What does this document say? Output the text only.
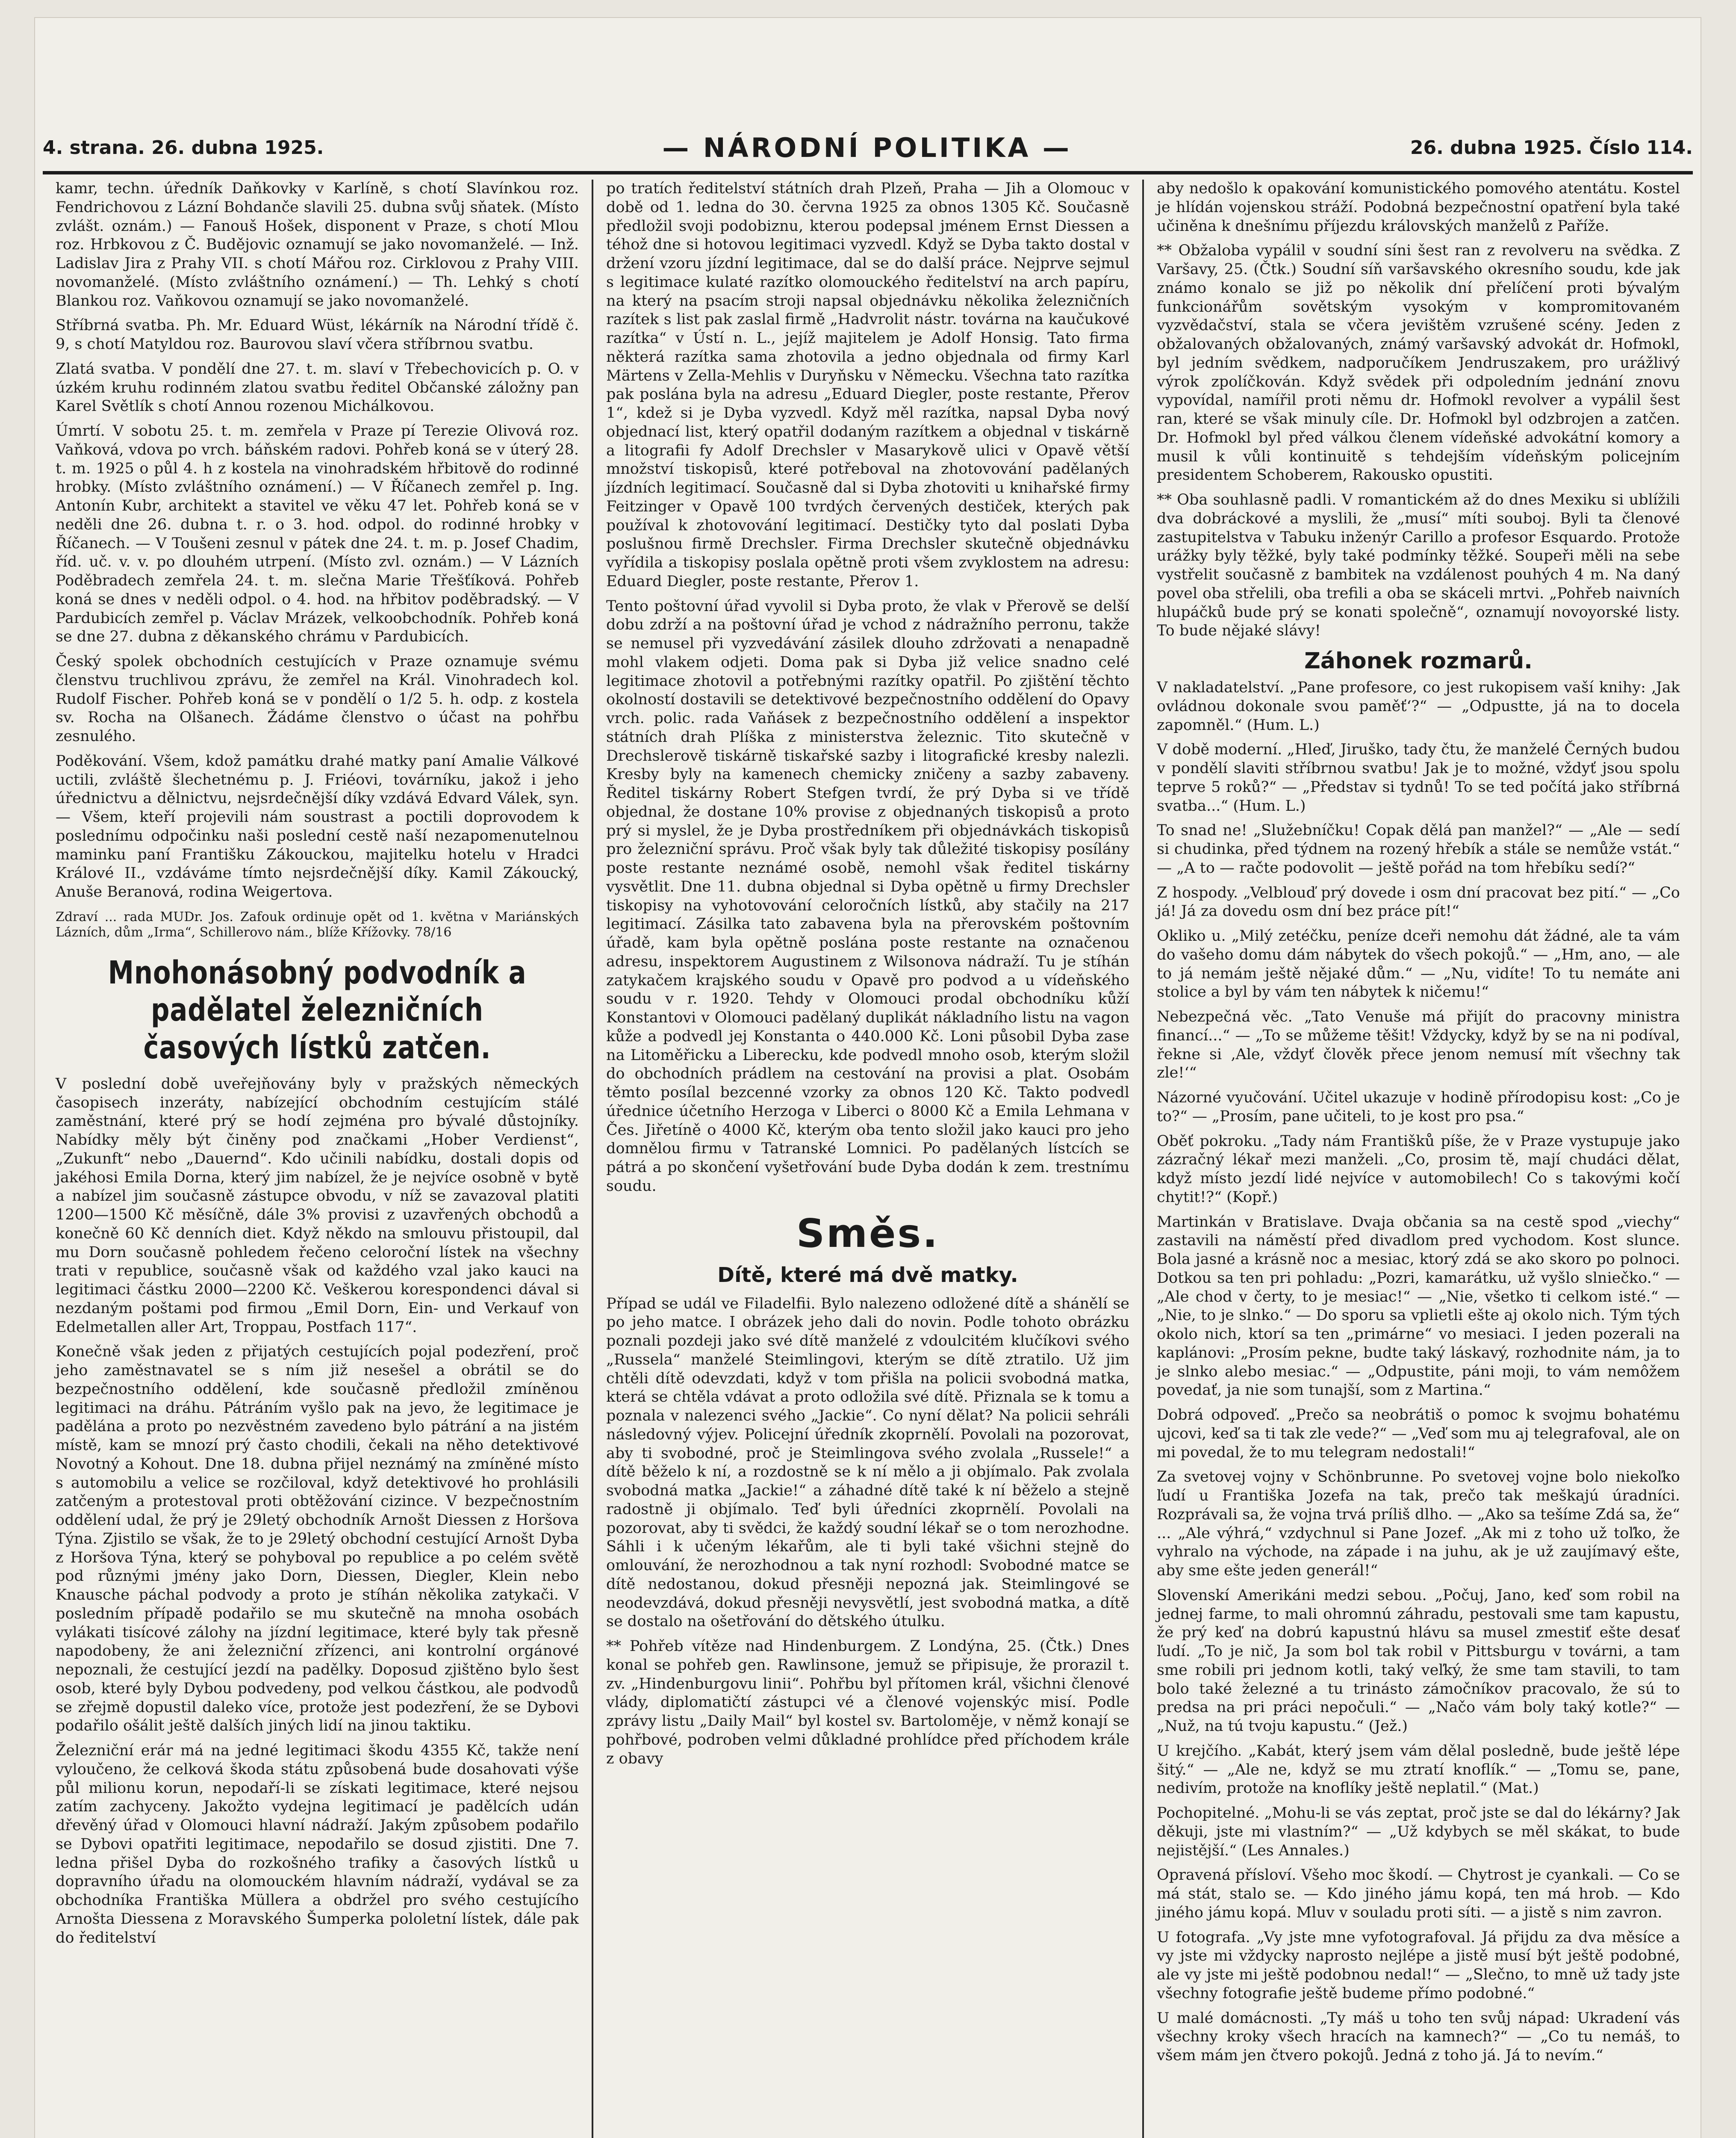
4. strana. 26. dubna 1925.	— NÁRODNÍ POLITIKA —	26. dubna 1925. Číslo 114.

kamr, techn. úředník Daňkovky v Karlíně, s chotí Slavínkou roz. Fendrichovou z Lázní Bohdanče slavili 25. dubna svůj sňatek. (Místo zvlášt. oznám.) — Fanouš Hošek, disponent v Praze, s chotí Mlou roz. Hrbkovou z Č. Budějovic oznamují se jako novomanželé. — Inž. Ladislav Jira z Prahy VII. s chotí Mářou roz. Cirklovou z Prahy VIII. novomanželé. (Místo zvláštního oznámení.) — Th. Lehký s chotí Blankou roz. Vaňkovou oznamují se jako novomanželé.

Stříbrná svatba. Ph. Mr. Eduard Wüst, lékárník na Národní třídě č. 9, s chotí Matyldou roz. Baurovou slaví včera stříbrnou svatbu.

Zlatá svatba. V pondělí dne 27. t. m. slaví v Třebechovicích p. O. v úzkém kruhu rodinném zlatou svatbu ředitel Občanské záložny pan Karel Světlík s chotí Annou rozenou Michálkovou.

Úmrtí. V sobotu 25. t. m. zemřela v Praze pí Terezie Olivová roz. Vaňková, vdova po vrch. báňském radovi. Pohřeb koná se v úterý 28. t. m. 1925 o půl 4. h z kostela na vinohradském hřbitově do rodinné hrobky. (Místo zvláštního oznámení.) — V Říčanech zemřel p. Ing. Antonín Kubr, architekt a stavitel ve věku 47 let. Pohřeb koná se v neděli dne 26. dubna t. r. o 3. hod. odpol. do rodinné hrobky v Říčanech. — V Toušeni zesnul v pátek dne 24. t. m. p. Josef Chadim, říd. uč. v. v. po dlouhém utrpení. (Místo zvl. oznám.) — V Lázních Poděbradech zemřela 24. t. m. slečna Marie Třešťíková. Pohřeb koná se dnes v neděli odpol. o 4. hod. na hřbitov poděbradský. — V Pardubicích zemřel p. Václav Mrázek, velkoobchodník. Pohřeb koná se dne 27. dubna z děkanského chrámu v Pardubicích.

Český spolek obchodních cestujících v Praze oznamuje svému členstvu truchlivou zprávu, že zemřel na Král. Vinohradech kol. Rudolf Fischer. Pohřeb koná se v pondělí o 1/2 5. h. odp. z kostela sv. Rocha na Olšanech. Žádáme členstvo o účast na pohřbu zesnulého.

Poděkování. Všem, kdož památku drahé matky paní Amalie Válkové uctili, zvláště šlechetnému p. J. Friéovi, továrníku, jakož i jeho úřednictvu a dělnictvu, nejsrdečnější díky vzdává Edvard Válek, syn. — Všem, kteří projevili nám soustrast a poctili doprovodem k poslednímu odpočinku naši poslední cestě naší nezapomenutelnou maminku paní Františku Zákouckou, majitelku hotelu v Hradci Králové II., vzdáváme tímto nejsrdečnější díky. Kamil Zákoucký, Anuše Beranová, rodina Weigertova.

Zdraví ... rada MUDr. Jos. Zafouk ordinuje opět od 1. května v Mariánských Lázních, dům „Irma“, Schillerovo nám., blíže Křížovky. 78/16
Mnohonásobný podvodník a padělatel železničních časových lístků zatčen.

V poslední době uveřejňovány byly v pražských německých časopisech inzeráty, nabízející obchodním cestujícím stálé zaměstnání, které prý se hodí zejména pro bývalé důstojníky. Nabídky měly být činěny pod značkami „Hober Verdienst“, „Zukunft“ nebo „Dauernd“. Kdo učinili nabídku, dostali dopis od jakéhosi Emila Dorna, který jim nabízel, že je nejvíce osobně v bytě a nabízel jim současně zástupce obvodu, v níž se zavazoval platiti 1200—1500 Kč měsíčně, dále 3% provisi z uzavřených obchodů a konečně 60 Kč denních diet. Když někdo na smlouvu přistoupil, dal mu Dorn současně pohledem řečeno celoroční lístek na všechny trati v republice, současně však od každého vzal jako kauci na legitimaci částku 2000—2200 Kč. Veškerou korespondenci dával si nezdaným poštami pod firmou „Emil Dorn, Ein- und Verkauf von Edelmetallen aller Art, Troppau, Postfach 117“.

Konečně však jeden z přijatých cestujících pojal podezření, proč jeho zaměstnavatel se s ním již nesešel a obrátil se do bezpečnostního oddělení, kde současně předložil zmíněnou legitimaci na dráhu. Pátráním vyšlo pak na jevo, že legitimace je padělána a proto po nezvěstném zavedeno bylo pátrání a na jistém místě, kam se mnozí prý často chodili, čekali na něho detektivové Novotný a Kohout. Dne 18. dubna přijel neznámý na zmíněné místo s automobilu a velice se rozčiloval, když detektivové ho prohlásili zatčeným a protestoval proti obtěžování cizince. V bezpečnostním oddělení udal, že prý je 29letý obchodník Arnošt Diessen z Horšova Týna. Zjistilo se však, že to je 29letý obchodní cestující Arnošt Dyba z Horšova Týna, který se pohyboval po republice a po celém světě pod různými jmény jako Dorn, Diessen, Diegler, Klein nebo Knausche páchal podvody a proto je stíhán několika zatykači. V posledním případě podařilo se mu skutečně na mnoha osobách vylákati tisícové zálohy na jízdní legitimace, které byly tak přesně napodobeny, že ani železniční zřízenci, ani kontrolní orgánové nepoznali, že cestující jezdí na padělky. Doposud zjištěno bylo šest osob, které byly Dybou podvedeny, pod velkou částkou, ale podvodů se zřejmě dopustil daleko více, protože jest podezření, že se Dybovi podařilo ošálit ještě dalších jiných lidí na jinou taktiku.

Železniční erár má na jedné legitimaci škodu 4355 Kč, takže není vyloučeno, že celková škoda státu způsobená bude dosahovati výše půl milionu korun, nepodaří-li se získati legitimace, které nejsou zatím zachyceny. Jakožto vydejna legitimací je padělcích udán dřevěný úřad v Olomouci hlavní nádraží. Jakým způsobem podařilo se Dybovi opatřiti legitimace, nepodařilo se dosud zjistiti. Dne 7. ledna přišel Dyba do rozkošného trafiky a časových lístků u dopravního úřadu na olomouckém hlavním nádraží, vydával se za obchodníka Františka Müllera a obdržel pro svého cestujícího Arnošta Diessena z Moravského Šumperka pololetní lístek, dále pak do ředitelství

po tratích ředitelství státních drah Plzeň, Praha — Jih a Olomouc v době od 1. ledna do 30. června 1925 za obnos 1305 Kč. Současně předložil svoji podobiznu, kterou podepsal jménem Ernst Diessen a téhož dne si hotovou legitimaci vyzvedl. Když se Dyba takto dostal v držení vzoru jízdní legitimace, dal se do další práce. Nejprve sejmul s legitimace kulaté razítko olomouckého ředitelství na arch papíru, na který na psacím stroji napsal objednávku několika železničních razítek s list pak zaslal firmě „Hadvrolit nástr. továrna na kaučukové razítka“ v Ústí n. L., jejíž majitelem je Adolf Honsig. Tato firma některá razítka sama zhotovila a jedno objednala od firmy Karl Märtens v Zella-Mehlis v Duryňsku v Německu. Všechna tato razítka pak poslána byla na adresu „Eduard Diegler, poste restante, Přerov 1“, kdež si je Dyba vyzvedl. Když měl razítka, napsal Dyba nový objednací list, který opatřil dodaným razítkem a objednal v tiskárně a litografii fy Adolf Drechsler v Masarykově ulici v Opavě větší množství tiskopisů, které potřeboval na zhotovování padělaných jízdních legitimací. Současně dal si Dyba zhotoviti u knihařské firmy Feitzinger v Opavě 100 tvrdých červených destiček, kterých pak používal k zhotovování legitimací. Destičky tyto dal poslati Dyba poslušnou firmě Drechsler. Firma Drechsler skutečně objednávku vyřídila a tiskopisy poslala opětně proti všem zvyklostem na adresu: Eduard Diegler, poste restante, Přerov 1.

Tento poštovní úřad vyvolil si Dyba proto, že vlak v Přerově se delší dobu zdrží a na poštovní úřad je vchod z nádražního perronu, takže se nemusel při vyzvedávání zásilek dlouho zdržovati a nenapadně mohl vlakem odjeti. Doma pak si Dyba již velice snadno celé legitimace zhotovil a potřebnými razítky opatřil. Po zjištění těchto okolností dostavili se detektivové bezpečnostního oddělení do Opavy vrch. polic. rada Vaňásek z bezpečnostního oddělení a inspektor státních drah Plíška z ministerstva železnic. Tito skutečně v Drechslerově tiskárně tiskařské sazby i litografické kresby nalezli. Kresby byly na kamenech chemicky zničeny a sazby zabaveny. Ředitel tiskárny Robert Stefgen tvrdí, že prý Dyba si ve třídě objednal, že dostane 10% provise z objednaných tiskopisů a proto prý si myslel, že je Dyba prostředníkem při objednávkách tiskopisů pro železniční správu. Proč však byly tak důležité tiskopisy posílány poste restante neznámé osobě, nemohl však ředitel tiskárny vysvětlit. Dne 11. dubna objednal si Dyba opětně u firmy Drechsler tiskopisy na vyhotovování celoročních lístků, aby stačily na 217 legitimací. Zásilka tato zabavena byla na přerovském poštovním úřadě, kam byla opětně poslána poste restante na označenou adresu, inspektorem Augustinem z Wilsonova nádraží. Tu je stíhán zatykačem krajského soudu v Opavě pro podvod a u vídeňského soudu v r. 1920. Tehdy v Olomouci prodal obchodníku kůží Konstantovi v Olomouci padělaný duplikát nákladního listu na vagon kůže a podvedl jej Konstanta o 440.000 Kč. Loni působil Dyba zase na Litoměřicku a Liberecku, kde podvedl mnoho osob, kterým složil do obchodních prádlem na cestování na provisi a plat. Osobám těmto posílal bezcenné vzorky za obnos 120 Kč. Takto podvedl úřednice účetního Herzoga v Liberci o 8000 Kč a Emila Lehmana v Čes. Jiřetíně o 4000 Kč, kterým oba tento složil jako kauci pro jeho domnělou firmu v Tatranské Lomnici. Po padělaných lístcích se pátrá a po skončení vyšetřování bude Dyba dodán k zem. trestnímu soudu.

Směs.
Dítě, které má dvě matky.

Případ se udál ve Filadelfii. Bylo nalezeno odložené dítě a shánělí se po jeho matce. I obrázek jeho dali do novin. Podle tohoto obrázku poznali pozdeji jako své dítě manželé z vdoulcitém klučíkovi svého „Russela“ manželé Steimlingovi, kterým se dítě ztratilo. Už jim chtěli dítě odevzdati, když v tom přišla na policii svobodná matka, která se chtěla vdávat a proto odložila své dítě. Přiznala se k tomu a poznala v nalezenci svého „Jackie“. Co nyní dělat? Na policii sehráli následovný výjev. Policejní úředník zkoprnělí. Povolali na pozorovat, aby ti svobodné, proč je Steimlingova svého zvolala „Russele!“ a dítě běželo k ní, a rozdostně se k ní mělo a ji objímalo. Pak zvolala svobodná matka „Jackie!“ a záhadné dítě také k ní běželo a stejně radostně ji objímalo. Teď byli úředníci zkoprnělí. Povolali na pozorovat, aby ti svědci, že každý soudní lékař se o tom nerozhodne. Sáhli i k učeným lékařům, ale ti byli také všichni stejně do omlouvání, že nerozhodnou a tak nyní rozhodl: Svobodné matce se dítě nedostanou, dokud přesněji nepozná jak. Steimlingové se neodevzdává, dokud přesněji nevysvětlí, jest svobodná matka, a dítě se dostalo na ošetřování do dětského útulku.

** Pohřeb vítěze nad Hindenburgem. Z Londýna, 25. (Čtk.) Dnes konal se pohřeb gen. Rawlinsone, jemuž se připisuje, že prorazil t. zv. „Hindenburgovu linii“. Pohřbu byl přítomen král, všichni členové vlády, diplomatičtí zástupci vé a členové vojenskýc misí. Podle zprávy listu „Daily Mail“ byl kostel sv. Bartoloměje, v němž konají se pohřbové, podroben velmi důkladné prohlídce před příchodem krále z obavy

aby nedošlo k opakování komunistického pomového atentátu. Kostel je hlídán vojenskou stráží. Podobná bezpečnostní opatření byla také učiněna k dnešnímu příjezdu královských manželů z Paříže.

** Obžaloba vypálil v soudní síni šest ran z revolveru na svědka. Z Varšavy, 25. (Čtk.) Soudní síň varšavského okresního soudu, kde jak známo konalo se již po několik dní přelíčení proti bývalým funkcionářům sovětským vysokým v kompromitovaném vyzvědačství, stala se včera jevištěm vzrušené scény. Jeden z obžalovaných obžalovaných, známý varšavský advokát dr. Hofmokl, byl jedním svědkem, nadporučíkem Jendruszakem, pro urážlivý výrok zpolíčkován. Když svědek při odpoledním jednání znovu vypovídal, namířil proti němu dr. Hofmokl revolver a vypálil šest ran, které se však minuly cíle. Dr. Hofmokl byl odzbrojen a zatčen. Dr. Hofmokl byl před válkou členem vídeňské advokátní komory a musil k vůli kontinuitě s tehdejším vídeňským policejním presidentem Schoberem, Rakousko opustiti.

** Oba souhlasně padli. V romantickém až do dnes Mexiku si ublížili dva dobráckové a myslili, že „musí“ míti souboj. Byli ta členové zastupitelstva v Tabuku inženýr Carillo a profesor Esquardo. Protože urážky byly těžké, byly také podmínky těžké. Soupeři měli na sebe vystřelit současně z bambitek na vzdálenost pouhých 4 m. Na daný povel oba střelili, oba trefili a oba se skáceli mrtvi. „Pohřeb naivních hlupáčků bude prý se konati společně“, oznamují novoyorské listy. To bude nějaké slávy!

Záhonek rozmarů.

V nakladatelství. „Pane profesore, co jest rukopisem vaší knihy: ‚Jak ovládnou dokonale svou paměť‘?“ — „Odpustte, já na to docela zapomněl.“ (Hum. L.)

V době moderní. „Hleď, Jiruško, tady čtu, že manželé Černých budou v pondělí slaviti stříbrnou svatbu! Jak je to možné, vždyť jsou spolu teprve 5 roků?“ — „Představ si tydnů! To se ted počítá jako stříbrná svatba...“ (Hum. L.)

To snad ne! „Služebníčku! Copak dělá pan manžel?“ — „Ale — sedí si chudinka, před týdnem na rozený hřebík a stále se nemůže vstát.“ — „A to — račte podovolit — ještě pořád na tom hřebíku sedí?“

Z hospody. „Velblouď prý dovede i osm dní pracovat bez pití.“ — „Co já! Já za dovedu osm dní bez práce pít!“

Okliko u. „Milý zetéčku, peníze dceři nemohu dát žádné, ale ta vám do vašeho domu dám nábytek do všech pokojů.“ — „Hm, ano, — ale to já nemám ještě nějaké dům.“ — „Nu, vidíte! To tu nemáte ani stolice a byl by vám ten nábytek k ničemu!“

Nebezpečná věc. „Tato Venuše má přijít do pracovny ministra financí...“ — „To se můžeme těšit! Vždycky, když by se na ni podíval, řekne si ‚Ale, vždyť člověk přece jenom nemusí mít všechny tak zle!‘“

Názorné vyučování. Učitel ukazuje v hodině přírodopisu kost: „Co je to?“ — „Prosím, pane učiteli, to je kost pro psa.“

Oběť pokroku. „Tady nám Františků píše, že v Praze vystupuje jako zázračný lékař mezi manželi. „Co, prosim tě, mají chudáci dělat, když místo jezdí lidé nejvíce v automobilech! Co s takovými kočí chytit!?“ (Kopř.)

Martinkán v Bratislave. Dvaja občania sa na cestě spod „viechy“ zastavili na náměstí před divadlom pred vychodom. Kost slunce. Bola jasné a krásně noc a mesiac, ktorý zdá se ako skoro po polnoci. Dotkou sa ten pri pohladu: „Pozri, kamarátku, už vyšlo slniečko.“ — „Ale chod v čerty, to je mesiac!“ — „Nie, všetko ti celkom isté.“ — „Nie, to je slnko.“ — Do sporu sa vplietli ešte aj okolo nich. Tým tých okolo nich, ktorí sa ten „primárne“ vo mesiaci. I jeden pozerali na kaplánovi: „Prosím pekne, budte taký láskavý, rozhodnite nám, ja to je slnko alebo mesiac.“ — „Odpustite, páni moji, to vám nemôžem povedať, ja nie som tunajší, som z Martina.“

Dobrá odpoveď. „Prečo sa neobrátiš o pomoc k svojmu bohatému ujcovi, keď sa ti tak zle vede?“ — „Veď som mu aj telegrafoval, ale on mi povedal, že to mu telegram nedostali!“

Za svetovej vojny v Schönbrunne. Po svetovej vojne bolo niekoľko ľudí u Františka Jozefa na tak, prečo tak meškajú úradníci. Rozprávali sa, že vojna trvá príliš dlho. — „Ako sa tešíme Zdá sa, že“ ... „Ale výhrá,“ vzdychnul si Pane Jozef. „Ak mi z toho už toľko, že vyhralo na východe, na západe i na juhu, ak je už zaujímavý ešte, aby sme ešte jeden generál!“

Slovenskí Amerikáni medzi sebou. „Počuj, Jano, keď som robil na jednej farme, to mali ohromnú záhradu, pestovali sme tam kapustu, že prý keď na dobrú kapustnú hlávu sa musel zmestiť ešte desať ľudí. „To je nič, Ja som bol tak robil v Pittsburgu v továrni, a tam sme robili pri jednom kotli, taký veľký, že sme tam stavili, to tam bolo také železné a tu trinásto zámočníkov pracovalo, že sú to predsa na pri práci nepočuli.“ — „Načo vám boly taký kotle?“ — „Nuž, na tú tvoju kapustu.“ (Jež.)

U krejčího. „Kabát, který jsem vám dělal posledně, bude ještě lépe šitý.“ — „Ale ne, když se mu ztratí knoflík.“ — „Tomu se, pane, nedivím, protože na knoflíky ještě neplatil.“ (Mat.)

Pochopitelné. „Mohu-li se vás zeptat, proč jste se dal do lékárny? Jak děkuji, jste mi vlastním?“ — „Už kdybych se měl skákat, to bude nejistější.“ (Les Annales.)

Opravená přísloví. Všeho moc škodí. — Chytrost je cyankali. — Co se má stát, stalo se. — Kdo jiného jámu kopá, ten má hrob. — Kdo jiného jámu kopá. Mluv v souladu proti síti. — a jistě s nim zavron.

U fotografa. „Vy jste mne vyfotografoval. Já přijdu za dva měsíce a vy jste mi vždycky naprosto nejlépe a jistě musí být ještě podobné, ale vy jste mi ještě podobnou nedal!“ — „Slečno, to mně už tady jste všechny fotografie ještě budeme přímo podobné.“

U malé domácnosti. „Ty máš u toho ten svůj nápad: Ukradení vás všechny kroky všech hracích na kamnech?“ — „Co tu nemáš, to všem mám jen čtvero pokojů. Jedná z toho já. Já to nevím.“
